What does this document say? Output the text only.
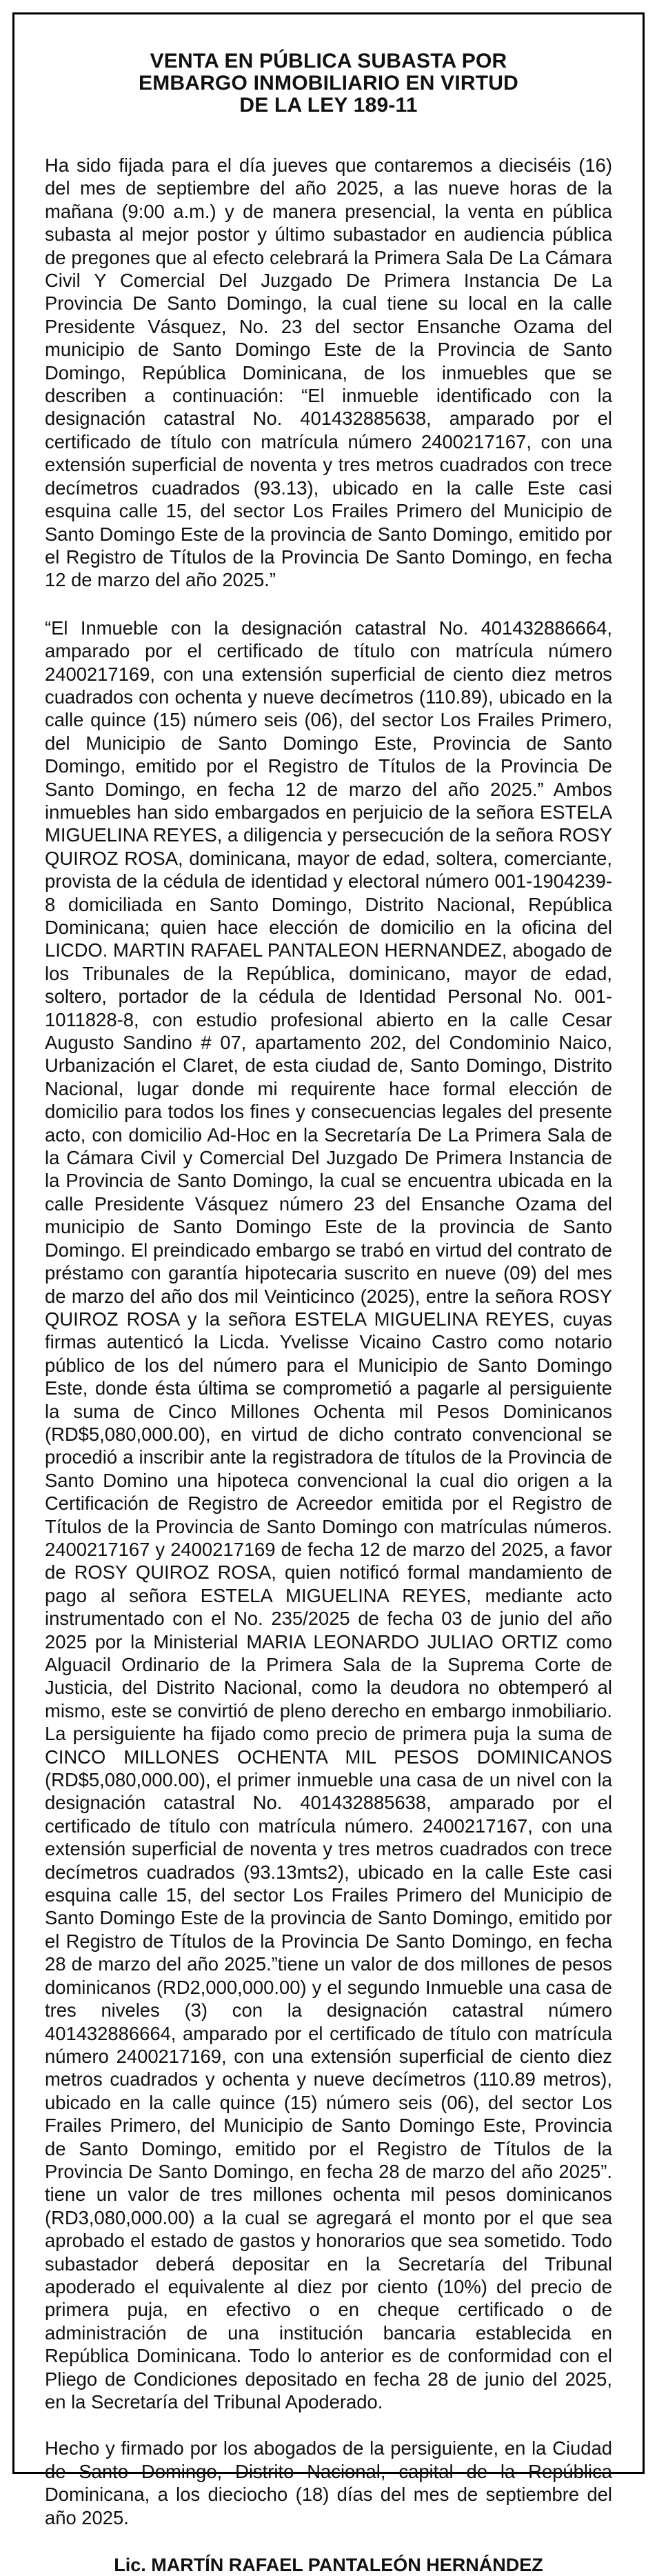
VENTA EN PÚBLICA SUBASTA POR
EMBARGO INMOBILIARIO EN VIRTUD
DE LA LEY 189-11

Ha sido fijada para el día jueves que contaremos a dieciséis (16) del mes de septiembre del año 2025, a las nueve horas de la mañana (9:00 a.m.) y de manera presencial, la venta en pública subasta al mejor postor y último subastador en audiencia pública de pregones que al efecto celebrará la Primera Sala De La Cámara Civil Y Comercial Del Juzgado De Primera Instancia De La Provincia De Santo Domingo, la cual tiene su local en la calle Presidente Vásquez, No. 23 del sector Ensanche Ozama del municipio de Santo Domingo Este de la Provincia de Santo Domingo, República Dominicana, de los inmuebles que se describen a continuación: “El inmueble identificado con la designación catastral No. 401432885638, amparado por el certificado de título con matrícula número 2400217167, con una extensión superficial de noventa y tres metros cuadrados con trece decímetros cuadrados (93.13), ubicado en la calle Este casi esquina calle 15, del sector Los Frailes Primero del Municipio de Santo Domingo Este de la provincia de Santo Domingo, emitido por el Registro de Títulos de la Provincia De Santo Domingo, en fecha 12 de marzo del año 2025.”

“El Inmueble con la designación catastral No. 401432886664, amparado por el certificado de título con matrícula número 2400217169, con una extensión superficial de ciento diez metros cuadrados con ochenta y nueve decímetros (110.89), ubicado en la calle quince (15) número seis (06), del sector Los Frailes Primero, del Municipio de Santo Domingo Este, Provincia de Santo Domingo, emitido por el Registro de Títulos de la Provincia De Santo Domingo, en fecha 12 de marzo del año 2025.” Ambos inmuebles han sido embargados en perjuicio de la señora ESTELA MIGUELINA REYES, a diligencia y persecución de la señora ROSY QUIROZ ROSA, dominicana, mayor de edad, soltera, comerciante, provista de la cédula de identidad y electoral número 001-1904239-8 domiciliada en Santo Domingo, Distrito Nacional, República Dominicana; quien hace elección de domicilio en la oficina del LICDO. MARTIN RAFAEL PANTALEON HERNANDEZ, abogado de los Tribunales de la República, dominicano, mayor de edad, soltero, portador de la cédula de Identidad Personal No. 001-1011828-8, con estudio profesional abierto en la calle Cesar Augusto Sandino # 07, apartamento 202, del Condominio Naico, Urbanización el Claret, de esta ciudad de, Santo Domingo, Distrito Nacional, lugar donde mi requirente hace formal elección de domicilio para todos los fines y consecuencias legales del presente acto, con domicilio Ad-Hoc en la Secretaría De La Primera Sala de la Cámara Civil y Comercial Del Juzgado De Primera Instancia de la Provincia de Santo Domingo, la cual se encuentra ubicada en la calle Presidente Vásquez número 23 del Ensanche Ozama del municipio de Santo Domingo Este de la provincia de Santo Domingo. El preindicado embargo se trabó en virtud del contrato de préstamo con garantía hipotecaria suscrito en nueve (09) del mes de marzo del año dos mil Veinticinco (2025), entre la señora ROSY QUIROZ ROSA y la señora ESTELA MIGUELINA REYES, cuyas firmas autenticó la Licda. Yvelisse Vicaino Castro como notario público de los del número para el Municipio de Santo Domingo Este, donde ésta última se comprometió a pagarle al persiguiente la suma de Cinco Millones Ochenta mil Pesos Dominicanos (RD$5,080,000.00), en virtud de dicho contrato convencional se procedió a inscribir ante la registradora de títulos de la Provincia de Santo Domino una hipoteca convencional la cual dio origen a la Certificación de Registro de Acreedor emitida por el Registro de Títulos de la Provincia de Santo Domingo con matrículas números. 2400217167 y 2400217169 de fecha 12 de marzo del 2025, a favor de ROSY QUIROZ ROSA, quien notificó formal mandamiento de pago al señora ESTELA MIGUELINA REYES, mediante acto instrumentado con el No. 235/2025 de fecha 03 de junio del año 2025 por la Ministerial MARIA LEONARDO JULIAO ORTIZ como Alguacil Ordinario de la Primera Sala de la Suprema Corte de Justicia, del Distrito Nacional, como la deudora no obtemperó al mismo, este se convirtió de pleno derecho en embargo inmobiliario. La persiguiente ha fijado como precio de primera puja la suma de CINCO MILLONES OCHENTA MIL PESOS DOMINICANOS (RD$5,080,000.00), el primer inmueble una casa de un nivel con la designación catastral No. 401432885638, amparado por el certificado de título con matrícula número. 2400217167, con una extensión superficial de noventa y tres metros cuadrados con trece decímetros cuadrados (93.13mts2), ubicado en la calle Este casi esquina calle 15, del sector Los Frailes Primero del Municipio de Santo Domingo Este de la provincia de Santo Domingo, emitido por el Registro de Títulos de la Provincia De Santo Domingo, en fecha 28 de marzo del año 2025.”tiene un valor de dos millones de pesos dominicanos (RD2,000,000.00) y el segundo Inmueble una casa de tres niveles (3) con la designación catastral número 401432886664, amparado por el certificado de título con matrícula número 2400217169, con una extensión superficial de ciento diez metros cuadrados y ochenta y nueve decímetros (110.89 metros), ubicado en la calle quince (15) número seis (06), del sector Los Frailes Primero, del Municipio de Santo Domingo Este, Provincia de Santo Domingo, emitido por el Registro de Títulos de la Provincia De Santo Domingo, en fecha 28 de marzo del año 2025”. tiene un valor de tres millones ochenta mil pesos dominicanos (RD3,080,000.00) a la cual se agregará el monto por el que sea aprobado el estado de gastos y honorarios que sea sometido. Todo subastador deberá depositar en la Secretaría del Tribunal apoderado el equivalente al diez por ciento (10%) del precio de primera puja, en efectivo o en cheque certificado o de administración de una institución bancaria establecida en República Dominicana. Todo lo anterior es de conformidad con el Pliego de Condiciones depositado en fecha 28 de junio del 2025, en la Secretaría del Tribunal Apoderado.

Hecho y firmado por los abogados de la persiguiente, en la Ciudad de Santo Domingo, Distrito Nacional, capital de la República Dominicana, a los dieciocho (18) días del mes de septiembre del año 2025.

Lic. MARTÍN RAFAEL PANTALEÓN HERNÁNDEZ
